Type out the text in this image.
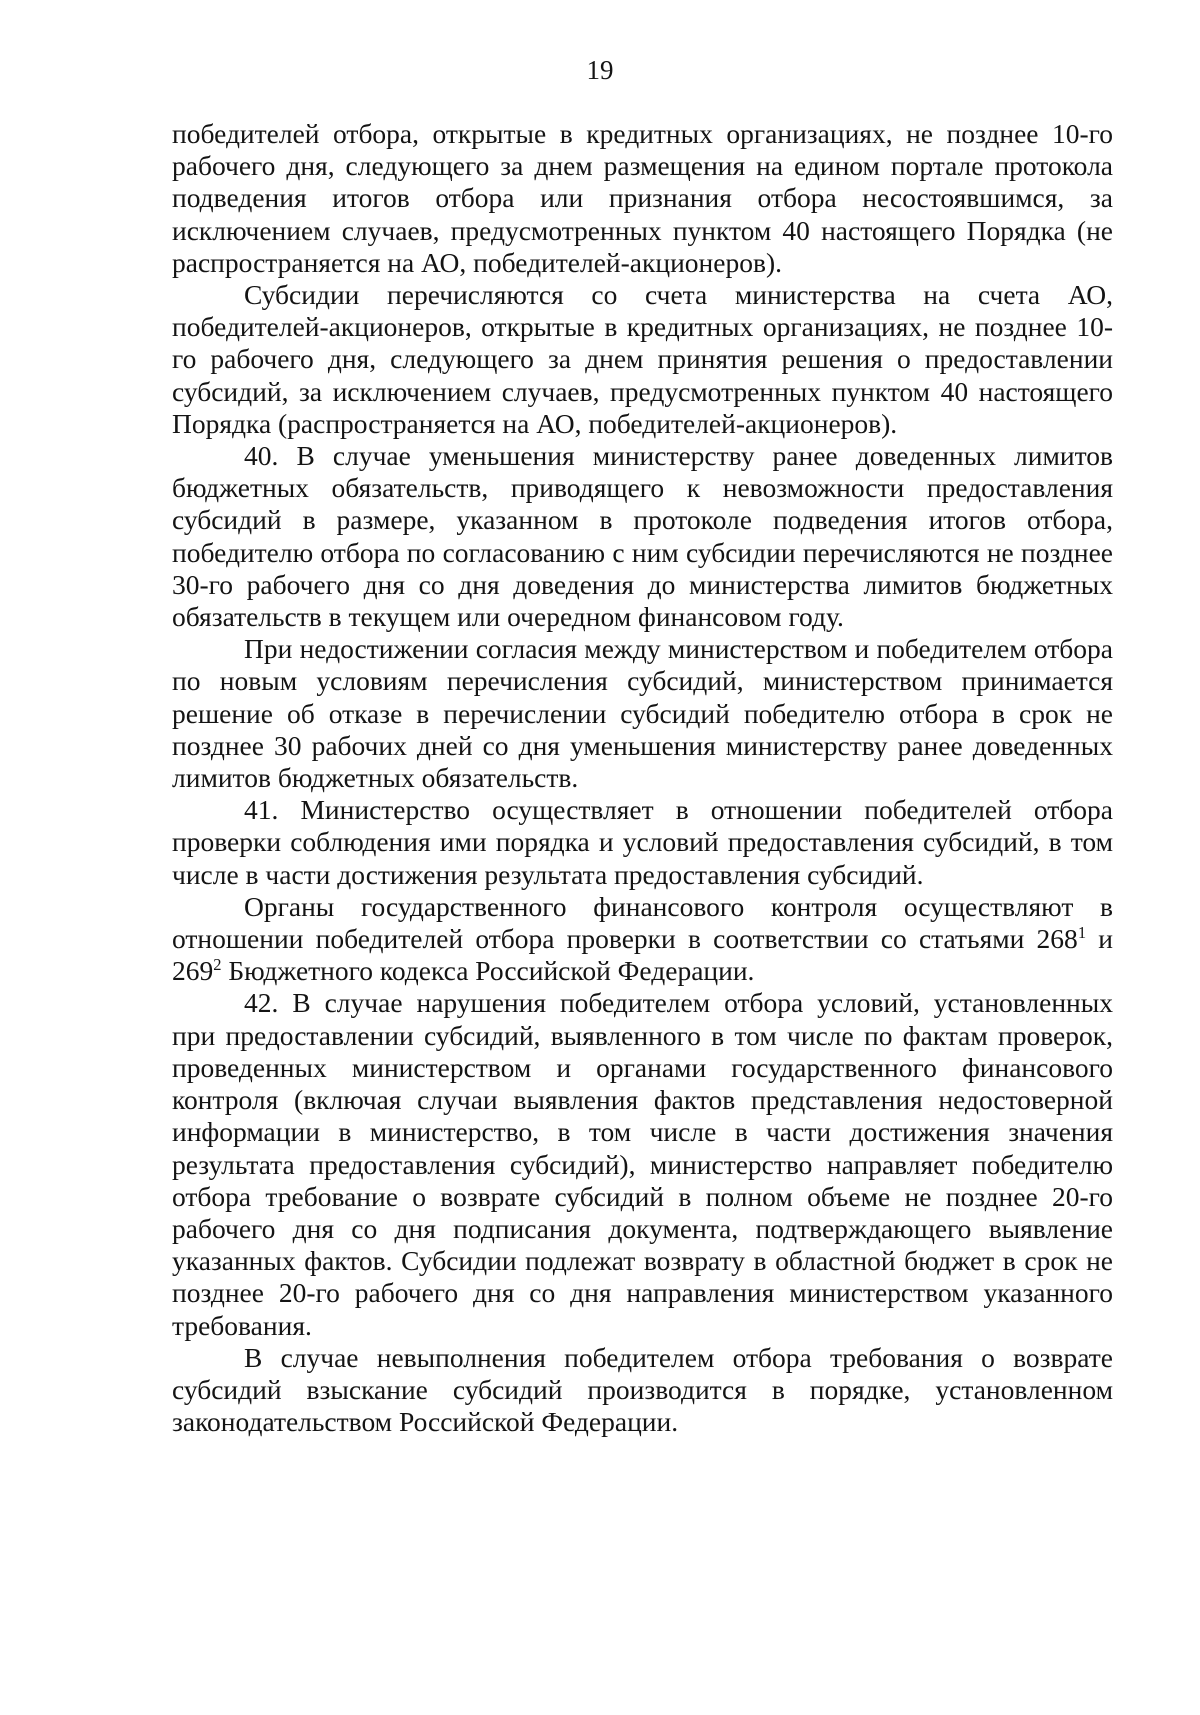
19

победителей отбора, открытые в кредитных организациях, не позднее 10-го рабочего дня, следующего за днем размещения на едином портале протокола подведения итогов отбора или признания отбора несостоявшимся, за исключением случаев, предусмотренных пунктом 40 настоящего Порядка (не распространяется на АО, победителей-акционеров).

Субсидии перечисляются со счета министерства на счета АО, победителей-акционеров, открытые в кредитных организациях, не позднее 10-го рабочего дня, следующего за днем принятия решения о предоставлении субсидий, за исключением случаев, предусмотренных пунктом 40 настоящего Порядка (распространяется на АО, победителей-акционеров).

40. В случае уменьшения министерству ранее доведенных лимитов бюджетных обязательств, приводящего к невозможности предоставления субсидий в размере, указанном в протоколе подведения итогов отбора, победителю отбора по согласованию с ним субсидии перечисляются не позднее 30-го рабочего дня со дня доведения до министерства лимитов бюджетных обязательств в текущем или очередном финансовом году.

При недостижении согласия между министерством и победителем отбора по новым условиям перечисления субсидий, министерством принимается решение об отказе в перечислении субсидий победителю отбора в срок не позднее 30 рабочих дней со дня уменьшения министерству ранее доведенных лимитов бюджетных обязательств.

41. Министерство осуществляет в отношении победителей отбора проверки соблюдения ими порядка и условий предоставления субсидий, в том числе в части достижения результата предоставления субсидий.

Органы государственного финансового контроля осуществляют в отношении победителей отбора проверки в соответствии со статьями $268^1$ и $269^2$ Бюджетного кодекса Российской Федерации.

42. В случае нарушения победителем отбора условий, установленных при предоставлении субсидий, выявленного в том числе по фактам проверок, проведенных министерством и органами государственного финансового контроля (включая случаи выявления фактов представления недостоверной информации в министерство, в том числе в части достижения значения результата предоставления субсидий), министерство направляет победителю отбора требование о возврате субсидий в полном объеме не позднее 20-го рабочего дня со дня подписания документа, подтверждающего выявление указанных фактов. Субсидии подлежат возврату в областной бюджет в срок не позднее 20-го рабочего дня со дня направления министерством указанного требования.

В случае невыполнения победителем отбора требования о возврате субсидий взыскание субсидий производится в порядке, установленном законодательством Российской Федерации.
